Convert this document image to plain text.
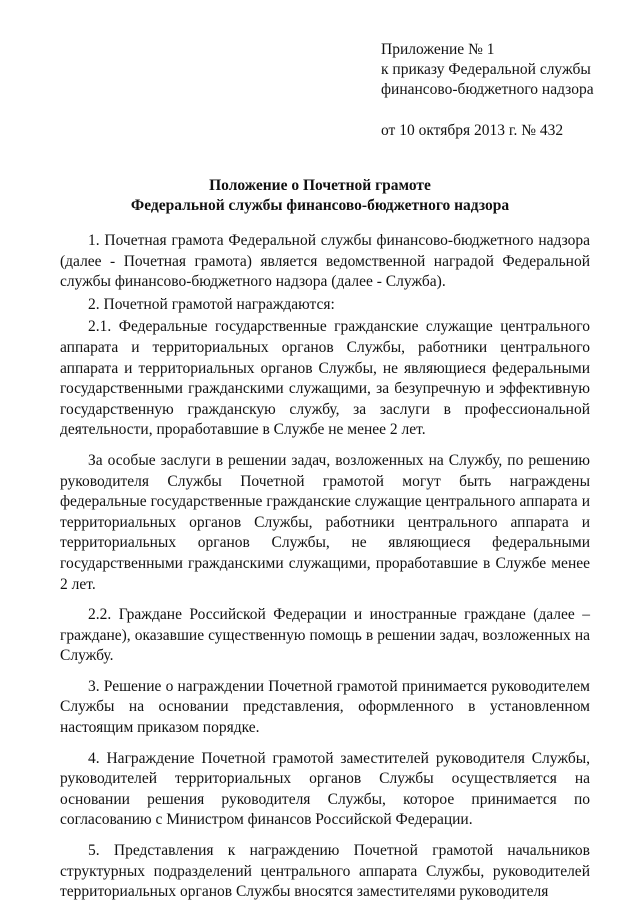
Приложение № 1
к приказу Федеральной службы
финансово-бюджетного надзора
от 10 октября 2013 г. № 432
Положение о Почетной грамоте
Федеральной службы финансово-бюджетного надзора

1. Почетная грамота Федеральной службы финансово-бюджетного надзора (далее - Почетная грамота) является ведомственной наградой Федеральной службы финансово-бюджетного надзора (далее - Служба).

2. Почетной грамотой награждаются:

2.1. Федеральные государственные гражданские служащие центрального аппарата и территориальных органов Службы, работники центрального аппарата и территориальных органов Службы, не являющиеся федеральными государственными гражданскими служащими, за безупречную и эффективную государственную гражданскую службу, за заслуги в профессиональной деятельности, проработавшие в Службе не менее 2 лет.

За особые заслуги в решении задач, возложенных на Службу, по решению руководителя Службы Почетной грамотой могут быть награждены федеральные государственные гражданские служащие центрального аппарата и территориальных органов Службы, работники центрального аппарата и территориальных органов Службы, не являющиеся федеральными государственными гражданскими служащими, проработавшие в Службе менее 2 лет.

2.2. Граждане Российской Федерации и иностранные граждане (далее – граждане), оказавшие существенную помощь в решении задач, возложенных на Службу.

3. Решение о награждении Почетной грамотой принимается руководителем Службы на основании представления, оформленного в установленном настоящим приказом порядке.

4. Награждение Почетной грамотой заместителей руководителя Службы, руководителей территориальных органов Службы осуществляется на основании решения руководителя Службы, которое принимается по согласованию с Министром финансов Российской Федерации.

5. Представления к награждению Почетной грамотой начальников структурных подразделений центрального аппарата Службы, руководителей территориальных органов Службы вносятся заместителями руководителя
